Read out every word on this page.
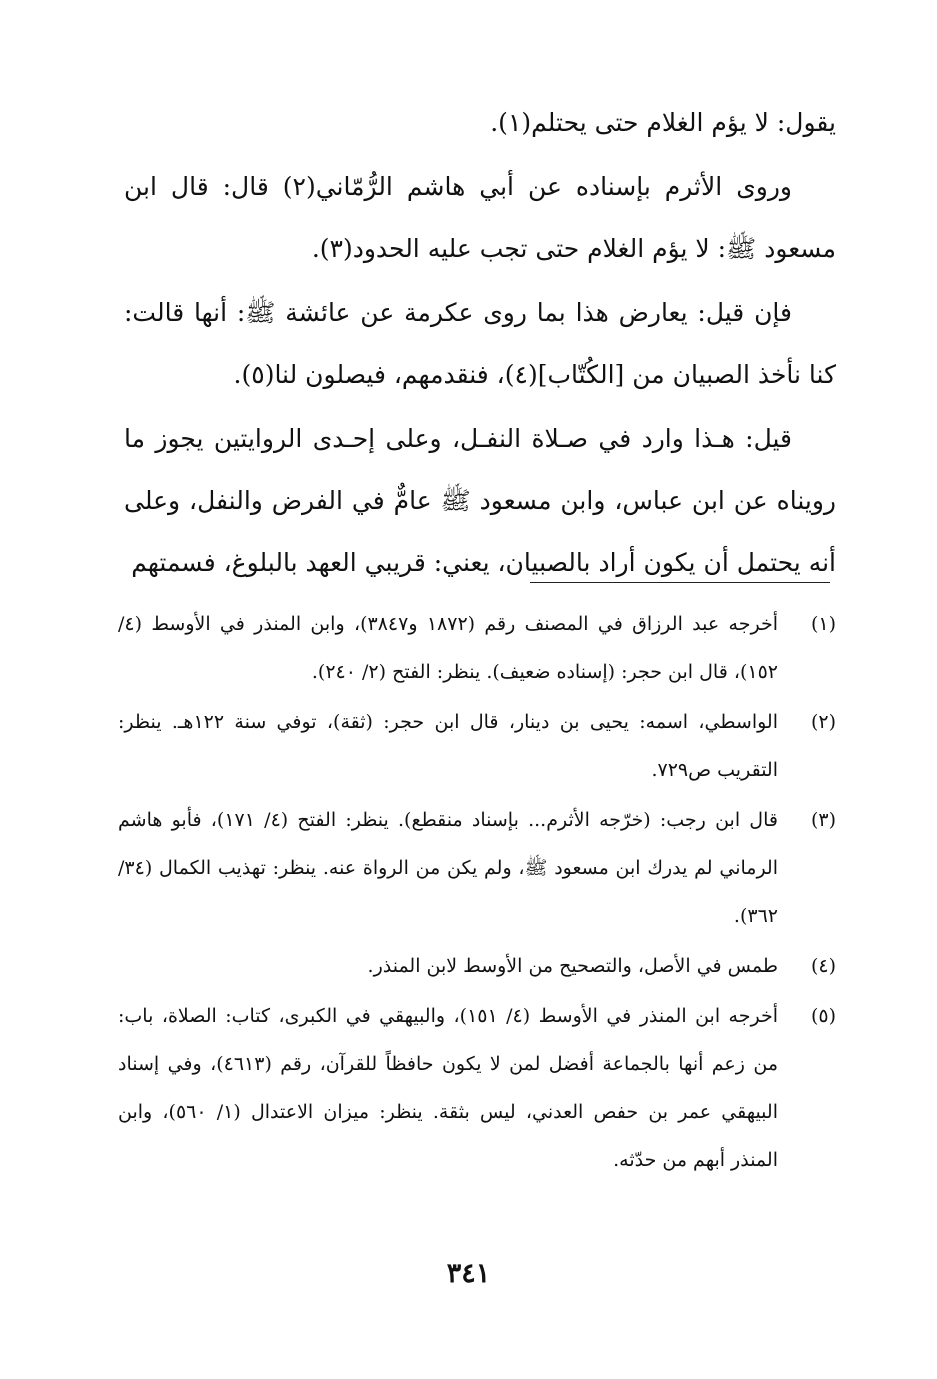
يقول: لا يؤم الغلام حتى يحتلم(١).

وروى الأثرم بإسناده عن أبي هاشم الرُّمّاني(٢) قال: قال ابن مسعود ﷺ: لا يؤم الغلام حتى تجب عليه الحدود(٣).

فإن قيل: يعارض هذا بما روى عكرمة عن عائشة ﷺ: أنها قالت: كنا نأخذ الصبيان من [الكُتّاب](٤)، فنقدمهم، فيصلون لنا(٥).

قيل: هـذا وارد في صـلاة النفـل، وعلى إحـدى الروايتين يجوز ما رويناه عن ابن عباس، وابن مسعود ﷺ عامٌّ في الفرض والنفل، وعلى أنه يحتمل أن يكون أراد بالصبيان، يعني: قريبي العهد بالبلوغ، فسمتهم

(١)
أخرجه عبد الرزاق في المصنف رقم (١٨٧٢ و٣٨٤٧)، وابن المنذر في الأوسط (٤/ ١٥٢)، قال ابن حجر: (إسناده ضعيف). ينظر: الفتح (٢/ ٢٤٠).
(٢)
الواسطي، اسمه: يحيى بن دينار، قال ابن حجر: (ثقة)، توفي سنة ١٢٢هـ. ينظر: التقريب ص٧٢٩.
(٣)
قال ابن رجب: (خرّجه الأثرم... بإسناد منقطع). ينظر: الفتح (٤/ ١٧١)، فأبو هاشم الرماني لم يدرك ابن مسعود ﷺ، ولم يكن من الرواة عنه. ينظر: تهذيب الكمال (٣٤/ ٣٦٢).
(٤)
طمس في الأصل، والتصحيح من الأوسط لابن المنذر.
(٥)
أخرجه ابن المنذر في الأوسط (٤/ ١٥١)، والبيهقي في الكبرى، كتاب: الصلاة، باب: من زعم أنها بالجماعة أفضل لمن لا يكون حافظاً للقرآن، رقم (٤٦١٣)، وفي إسناد البيهقي عمر بن حفص العدني، ليس بثقة. ينظر: ميزان الاعتدال (١/ ٥٦٠)، وابن المنذر أبهم من حدّثه.
٣٤١
